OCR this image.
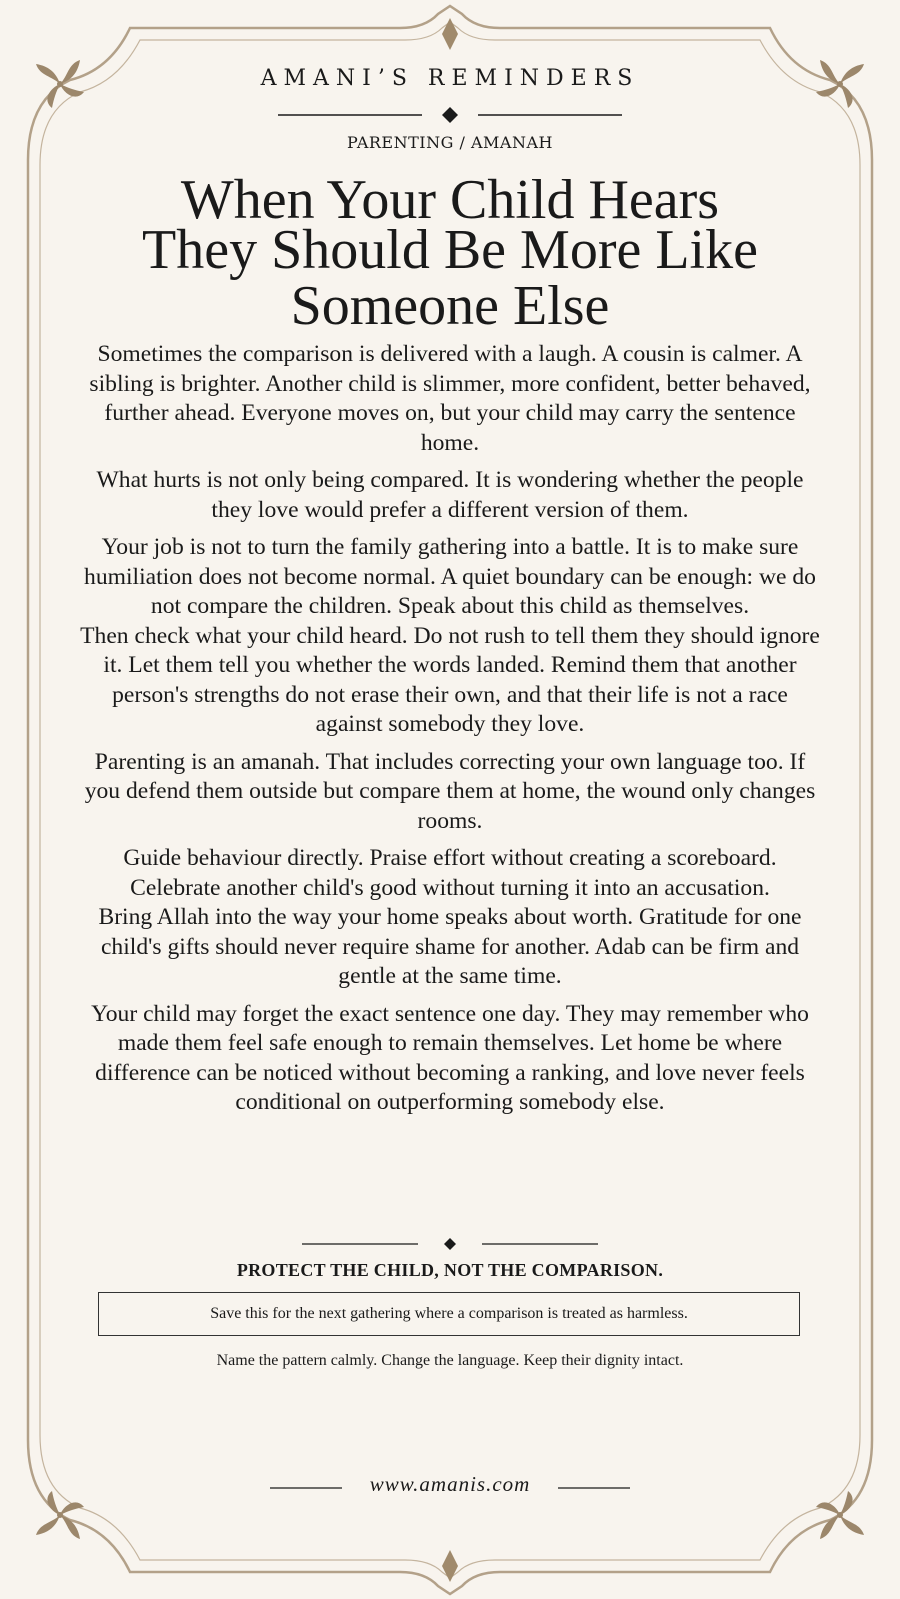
AMANI’S REMINDERS
PARENTING / AMANAH
When Your Child Hears
They Should Be More Like
Someone Else

Sometimes the comparison is delivered with a laugh. A cousin is calmer. A sibling is brighter. Another child is slimmer, more confident, better behaved, further ahead. Everyone moves on, but your child may carry the sentence home.

What hurts is not only being compared. It is wondering whether the people they love would prefer a different version of them.

Your job is not to turn the family gathering into a battle. It is to make sure humiliation does not become normal. A quiet boundary can be enough: we do not compare the children. Speak about this child as themselves.

Then check what your child heard. Do not rush to tell them they should ignore it. Let them tell you whether the words landed. Remind them that another person's strengths do not erase their own, and that their life is not a race against somebody they love.

Parenting is an amanah. That includes correcting your own language too. If you defend them outside but compare them at home, the wound only changes rooms.

Guide behaviour directly. Praise effort without creating a scoreboard. Celebrate another child's good without turning it into an accusation.

Bring Allah into the way your home speaks about worth. Gratitude for one child's gifts should never require shame for another. Adab can be firm and gentle at the same time.

Your child may forget the exact sentence one day. They may remember who made them feel safe enough to remain themselves. Let home be where difference can be noticed without becoming a ranking, and love never feels conditional on outperforming somebody else.

PROTECT THE CHILD, NOT THE COMPARISON.
Save this for the next gathering where a comparison is treated as harmless.
Name the pattern calmly. Change the language. Keep their dignity intact.
www.amanis.com
